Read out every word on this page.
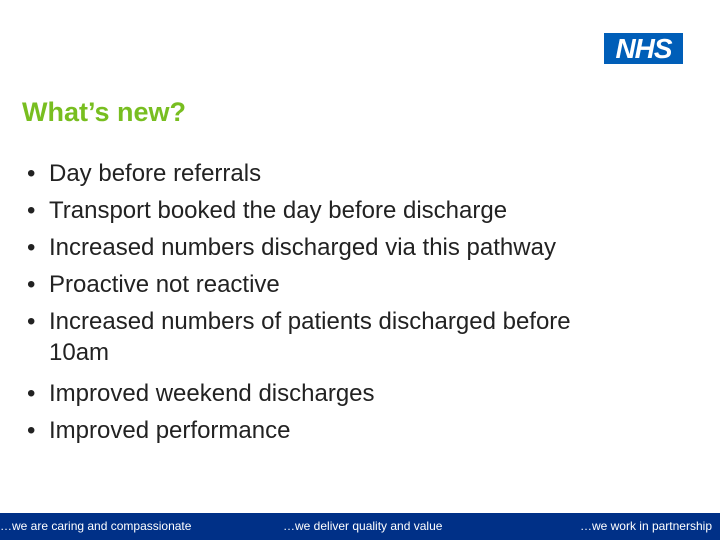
NHS
What’s new?
• Day before referrals
• Transport booked the day before discharge
• Increased numbers discharged via this pathway
• Proactive not reactive
• Increased numbers of patients discharged before
10am
• Improved weekend discharges
• Improved performance
…we are caring and compassionate	…we deliver quality and value	…we work in partnership
